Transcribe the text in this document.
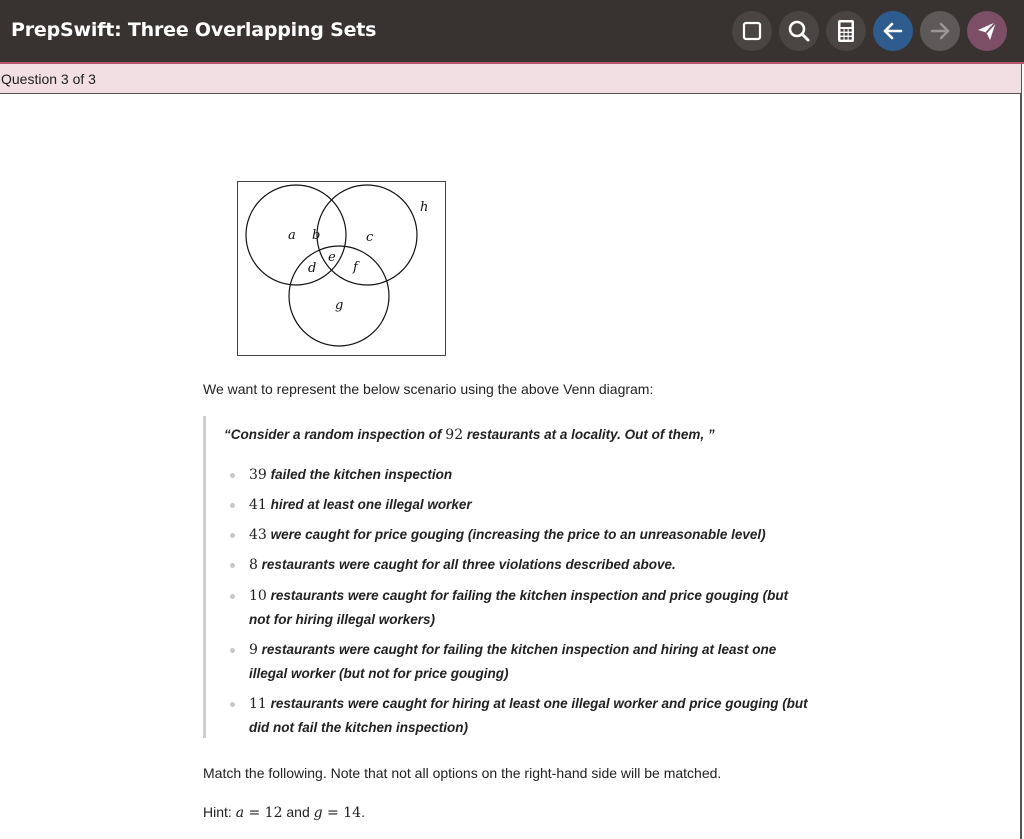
PrepSwift: Three Overlapping Sets
Question 3 of 3
a b	c
d
e
f
g
h
We want to represent the below scenario using the above Venn diagram:
“Consider a random inspection of 92 restaurants at a locality. Out of them, ”
39 failed the kitchen inspection
41 hired at least one illegal worker
43 were caught for price gouging (increasing the price to an unreasonable level)
8 restaurants were caught for all three violations described above.
10 restaurants were caught for failing the kitchen inspection and price gouging (but not for hiring illegal workers)
9 restaurants were caught for failing the kitchen inspection and hiring at least one illegal worker (but not for price gouging)
11 restaurants were caught for hiring at least one illegal worker and price gouging (but did not fail the kitchen inspection)
Match the following. Note that not all options on the right-hand side will be matched.
Hint: a = 12 and g = 14.
